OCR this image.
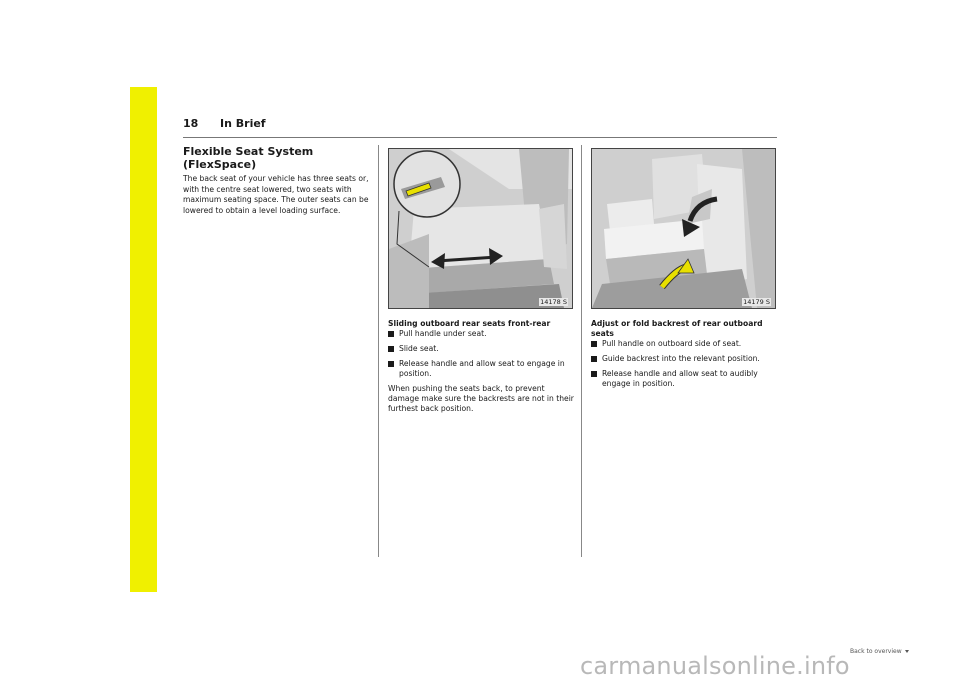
18 In Brief
Flexible Seat System (FlexSpace)

The back seat of your vehicle has three seats or, with the centre seat lowered, two seats with maximum seating space. The outer seats can be lowered to obtain a level loading surface.

14178 S	14179 S
Sliding outboard rear seats front-rear
Pull handle under seat.
Slide seat.
Release handle and allow seat to engage in position.

When pushing the seats back, to prevent damage make sure the backrests are not in their furthest back position.

Adjust or fold backrest of rear outboard seats
Pull handle on outboard side of seat.
Guide backrest into the relevant position.
Release handle and allow seat to audibly engage in position.
Back to overview
carmanualsonline.info
